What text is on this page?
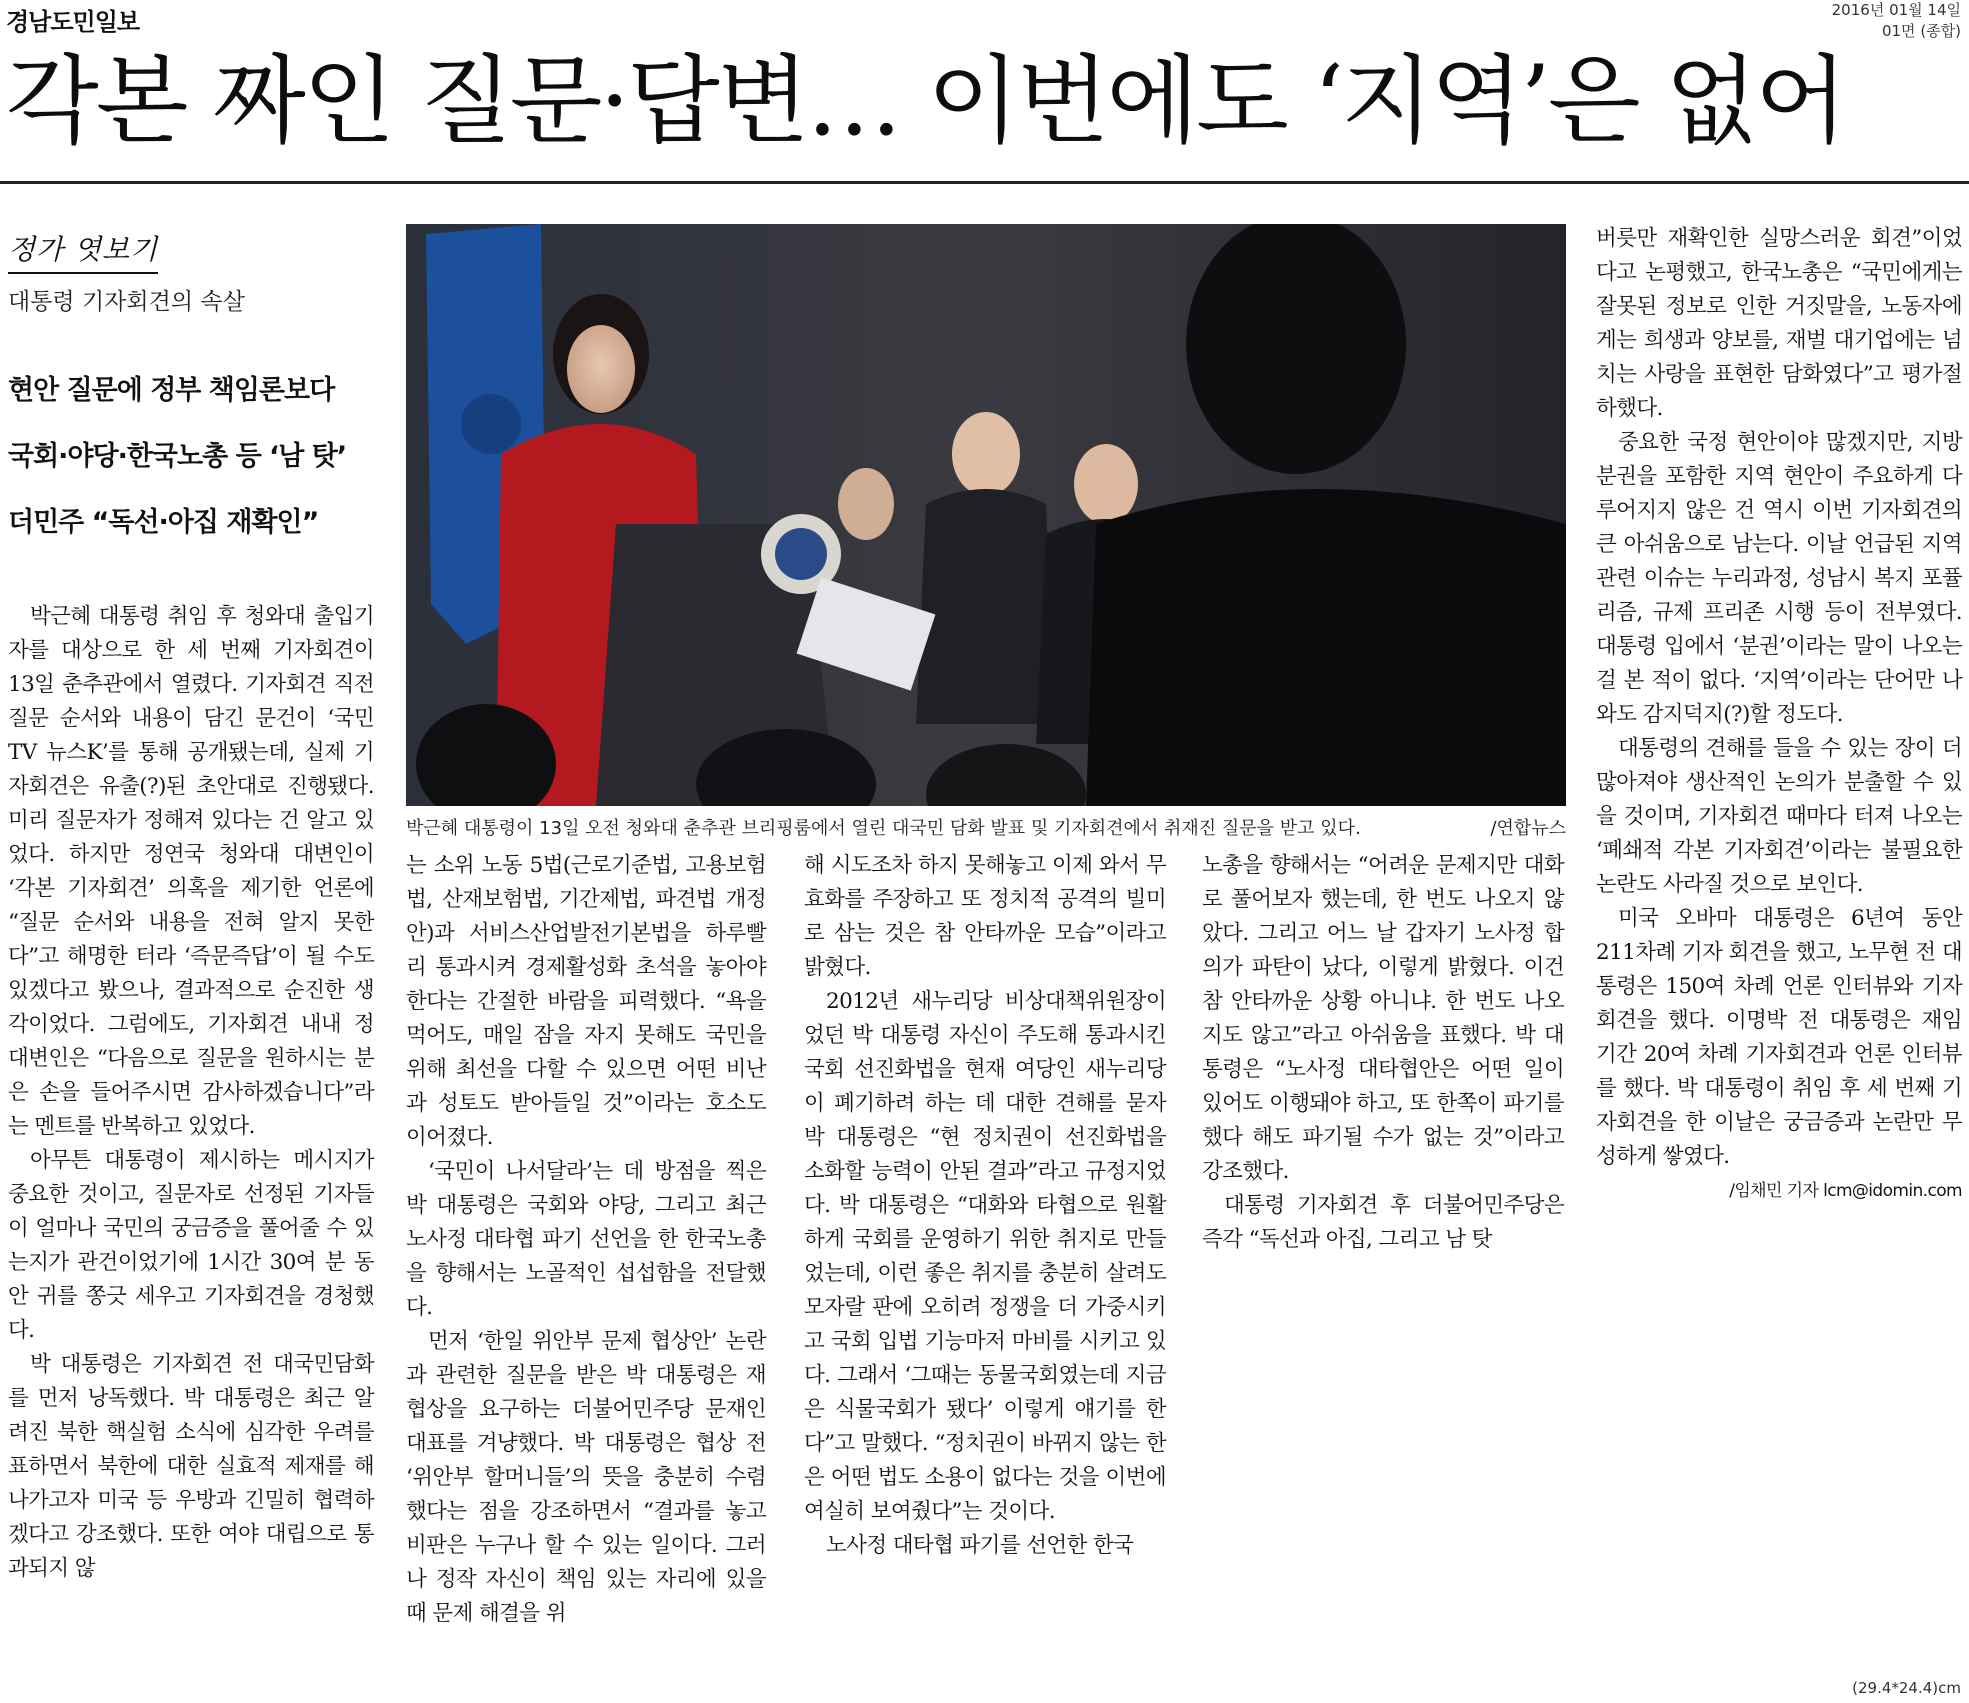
경남도민일보	2016년 01월 14일
01면 (종합)
각본 짜인 질문·답변… 이번에도 ‘지역’은 없어
정가 엿보기
대통령 기자회견의 속살
현안 질문에 정부 책임론보다
국회·야당·한국노총 등 ‘남 탓’
더민주 “독선·아집 재확인”

박근혜 대통령 취임 후 청와대 출입기자를 대상으로 한 세 번째 기자회견이 13일 춘추관에서 열렸다. 기자회견 직전 질문 순서와 내용이 담긴 문건이 ‘국민TV 뉴스K’를 통해 공개됐는데, 실제 기자회견은 유출(?)된 초안대로 진행됐다. 미리 질문자가 정해져 있다는 건 알고 있었다. 하지만 정연국 청와대 대변인이 ‘각본 기자회견’ 의혹을 제기한 언론에 “질문 순서와 내용을 전혀 알지 못한다”고 해명한 터라 ‘즉문즉답’이 될 수도 있겠다고 봤으나, 결과적으로 순진한 생각이었다. 그럼에도, 기자회견 내내 정 대변인은 “다음으로 질문을 원하시는 분은 손을 들어주시면 감사하겠습니다”라는 멘트를 반복하고 있었다.

아무튼 대통령이 제시하는 메시지가 중요한 것이고, 질문자로 선정된 기자들이 얼마나 국민의 궁금증을 풀어줄 수 있는지가 관건이었기에 1시간 30여 분 동안 귀를 쫑긋 세우고 기자회견을 경청했다.

박 대통령은 기자회견 전 대국민담화를 먼저 낭독했다. 박 대통령은 최근 알려진 북한 핵실험 소식에 심각한 우려를 표하면서 북한에 대한 실효적 제재를 해나가고자 미국 등 우방과 긴밀히 협력하겠다고 강조했다. 또한 여야 대립으로 통과되지 않

박근혜 대통령이 13일 오전 청와대 춘추관 브리핑룸에서 열린 대국민 담화 발표 및 기자회견에서 취재진 질문을 받고 있다.	/연합뉴스

는 소위 노동 5법(근로기준법, 고용보험법, 산재보험법, 기간제법, 파견법 개정안)과 서비스산업발전기본법을 하루빨리 통과시켜 경제활성화 초석을 놓아야 한다는 간절한 바람을 피력했다. “욕을 먹어도, 매일 잠을 자지 못해도 국민을 위해 최선을 다할 수 있으면 어떤 비난과 성토도 받아들일 것”이라는 호소도 이어졌다.

‘국민이 나서달라’는 데 방점을 찍은 박 대통령은 국회와 야당, 그리고 최근 노사정 대타협 파기 선언을 한 한국노총을 향해서는 노골적인 섭섭함을 전달했다.

먼저 ‘한일 위안부 문제 협상안’ 논란과 관련한 질문을 받은 박 대통령은 재협상을 요구하는 더불어민주당 문재인 대표를 겨냥했다. 박 대통령은 협상 전 ‘위안부 할머니들’의 뜻을 충분히 수렴했다는 점을 강조하면서 “결과를 놓고 비판은 누구나 할 수 있는 일이다. 그러나 정작 자신이 책임 있는 자리에 있을 때 문제 해결을 위

해 시도조차 하지 못해놓고 이제 와서 무효화를 주장하고 또 정치적 공격의 빌미로 삼는 것은 참 안타까운 모습”이라고 밝혔다.

2012년 새누리당 비상대책위원장이었던 박 대통령 자신이 주도해 통과시킨 국회 선진화법을 현재 여당인 새누리당이 폐기하려 하는 데 대한 견해를 묻자 박 대통령은 “현 정치권이 선진화법을 소화할 능력이 안된 결과”라고 규정지었다. 박 대통령은 “대화와 타협으로 원활하게 국회를 운영하기 위한 취지로 만들었는데, 이런 좋은 취지를 충분히 살려도 모자랄 판에 오히려 정쟁을 더 가중시키고 국회 입법 기능마저 마비를 시키고 있다. 그래서 ‘그때는 동물국회였는데 지금은 식물국회가 됐다’ 이렇게 얘기를 한다”고 말했다. “정치권이 바뀌지 않는 한은 어떤 법도 소용이 없다는 것을 이번에 여실히 보여줬다”는 것이다.

노사정 대타협 파기를 선언한 한국

노총을 향해서는 “어려운 문제지만 대화로 풀어보자 했는데, 한 번도 나오지 않았다. 그리고 어느 날 갑자기 노사정 합의가 파탄이 났다, 이렇게 밝혔다. 이건 참 안타까운 상황 아니냐. 한 번도 나오지도 않고”라고 아쉬움을 표했다. 박 대통령은 “노사정 대타협안은 어떤 일이 있어도 이행돼야 하고, 또 한쪽이 파기를 했다 해도 파기될 수가 없는 것”이라고 강조했다.

대통령 기자회견 후 더불어민주당은 즉각 “독선과 아집, 그리고 남 탓

버릇만 재확인한 실망스러운 회견”이었다고 논평했고, 한국노총은 “국민에게는 잘못된 정보로 인한 거짓말을, 노동자에게는 희생과 양보를, 재벌 대기업에는 넘치는 사랑을 표현한 담화였다”고 평가절하했다.

중요한 국정 현안이야 많겠지만, 지방분권을 포함한 지역 현안이 주요하게 다루어지지 않은 건 역시 이번 기자회견의 큰 아쉬움으로 남는다. 이날 언급된 지역 관련 이슈는 누리과정, 성남시 복지 포퓰리즘, 규제 프리존 시행 등이 전부였다. 대통령 입에서 ‘분권’이라는 말이 나오는 걸 본 적이 없다. ‘지역’이라는 단어만 나와도 감지덕지(?)할 정도다.

대통령의 견해를 들을 수 있는 장이 더 많아져야 생산적인 논의가 분출할 수 있을 것이며, 기자회견 때마다 터져 나오는 ‘폐쇄적 각본 기자회견’이라는 불필요한 논란도 사라질 것으로 보인다.

미국 오바마 대통령은 6년여 동안 211차례 기자 회견을 했고, 노무현 전 대통령은 150여 차례 언론 인터뷰와 기자회견을 했다. 이명박 전 대통령은 재임 기간 20여 차례 기자회견과 언론 인터뷰를 했다. 박 대통령이 취임 후 세 번째 기자회견을 한 이날은 궁금증과 논란만 무성하게 쌓였다.

/임채민 기자 lcm@idomin.com

(29.4*24.4)cm
